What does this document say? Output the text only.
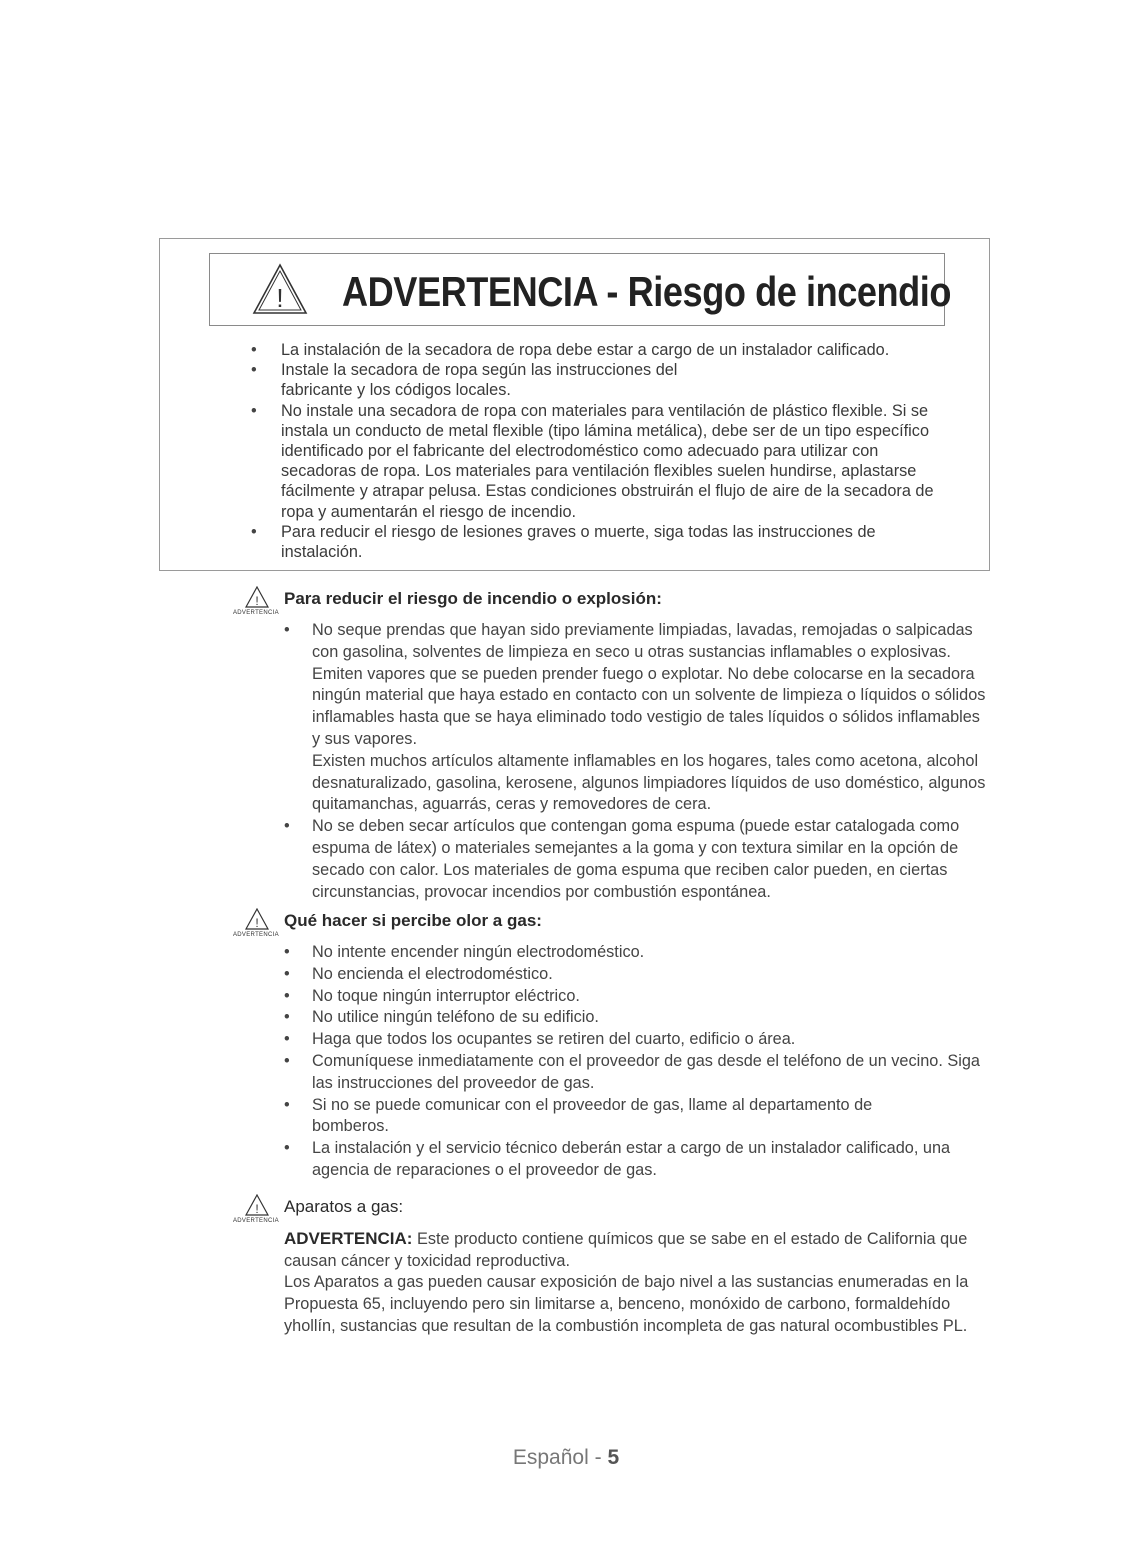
! ADVERTENCIA - Riesgo de incendio
• La instalación de la secadora de ropa debe estar a cargo de un instalador calificado.
• Instale la secadora de ropa según las instrucciones del fabricante y los códigos locales.
• No instale una secadora de ropa con materiales para ventilación de plástico flexible. Si se instala un conducto de metal flexible (tipo lámina metálica), debe ser de un tipo específico identificado por el fabricante del electrodoméstico como adecuado para utilizar con secadoras de ropa. Los materiales para ventilación flexibles suelen hundirse, aplastarse fácilmente y atrapar pelusa. Estas condiciones obstruirán el flujo de aire de la secadora de ropa y aumentarán el riesgo de incendio.
• Para reducir el riesgo de lesiones graves o muerte, siga todas las instrucciones de instalación.
!
ADVERTENCIA
Para reducir el riesgo de incendio o explosión:

• No seque prendas que hayan sido previamente limpiadas, lavadas, remojadas o salpicadas con gasolina, solventes de limpieza en seco u otras sustancias inflamables o explosivas. Emiten vapores que se pueden prender fuego o explotar. No debe colocarse en la secadora ningún material que haya estado en contacto con un solvente de limpieza o líquidos o sólidos inflamables hasta que se haya eliminado todo vestigio de tales líquidos o sólidos inflamables y sus vapores.

Existen muchos artículos altamente inflamables en los hogares, tales como acetona, alcohol desnaturalizado, gasolina, kerosene, algunos limpiadores líquidos de uso doméstico, algunos quitamanchas, aguarrás, ceras y removedores de cera.

• No se deben secar artículos que contengan goma espuma (puede estar catalogada como espuma de látex) o materiales semejantes a la goma y con textura similar en la opción de secado con calor. Los materiales de goma espuma que reciben calor pueden, en ciertas circunstancias, provocar incendios por combustión espontánea.
!
ADVERTENCIA
Qué hacer si percibe olor a gas:
• No intente encender ningún electrodoméstico.
• No encienda el electrodoméstico.
• No toque ningún interruptor eléctrico.
• No utilice ningún teléfono de su edificio.
• Haga que todos los ocupantes se retiren del cuarto, edificio o área.
• Comuníquese inmediatamente con el proveedor de gas desde el teléfono de un vecino. Siga las instrucciones del proveedor de gas.
• Si no se puede comunicar con el proveedor de gas, llame al departamento de bomberos.
• La instalación y el servicio técnico deberán estar a cargo de un instalador calificado, una agencia de reparaciones o el proveedor de gas.
!
ADVERTENCIA
Aparatos a gas:

ADVERTENCIA: Este producto contiene químicos que se sabe en el estado de California que causan cáncer y toxicidad reproductiva.

Los Aparatos a gas pueden causar exposición de bajo nivel a las sustancias enumeradas en la Propuesta 65, incluyendo pero sin limitarse a, benceno, monóxido de carbono, formaldehído yhollín, sustancias que resultan de la combustión incompleta de gas natural ocombustibles PL.

Español - 5
